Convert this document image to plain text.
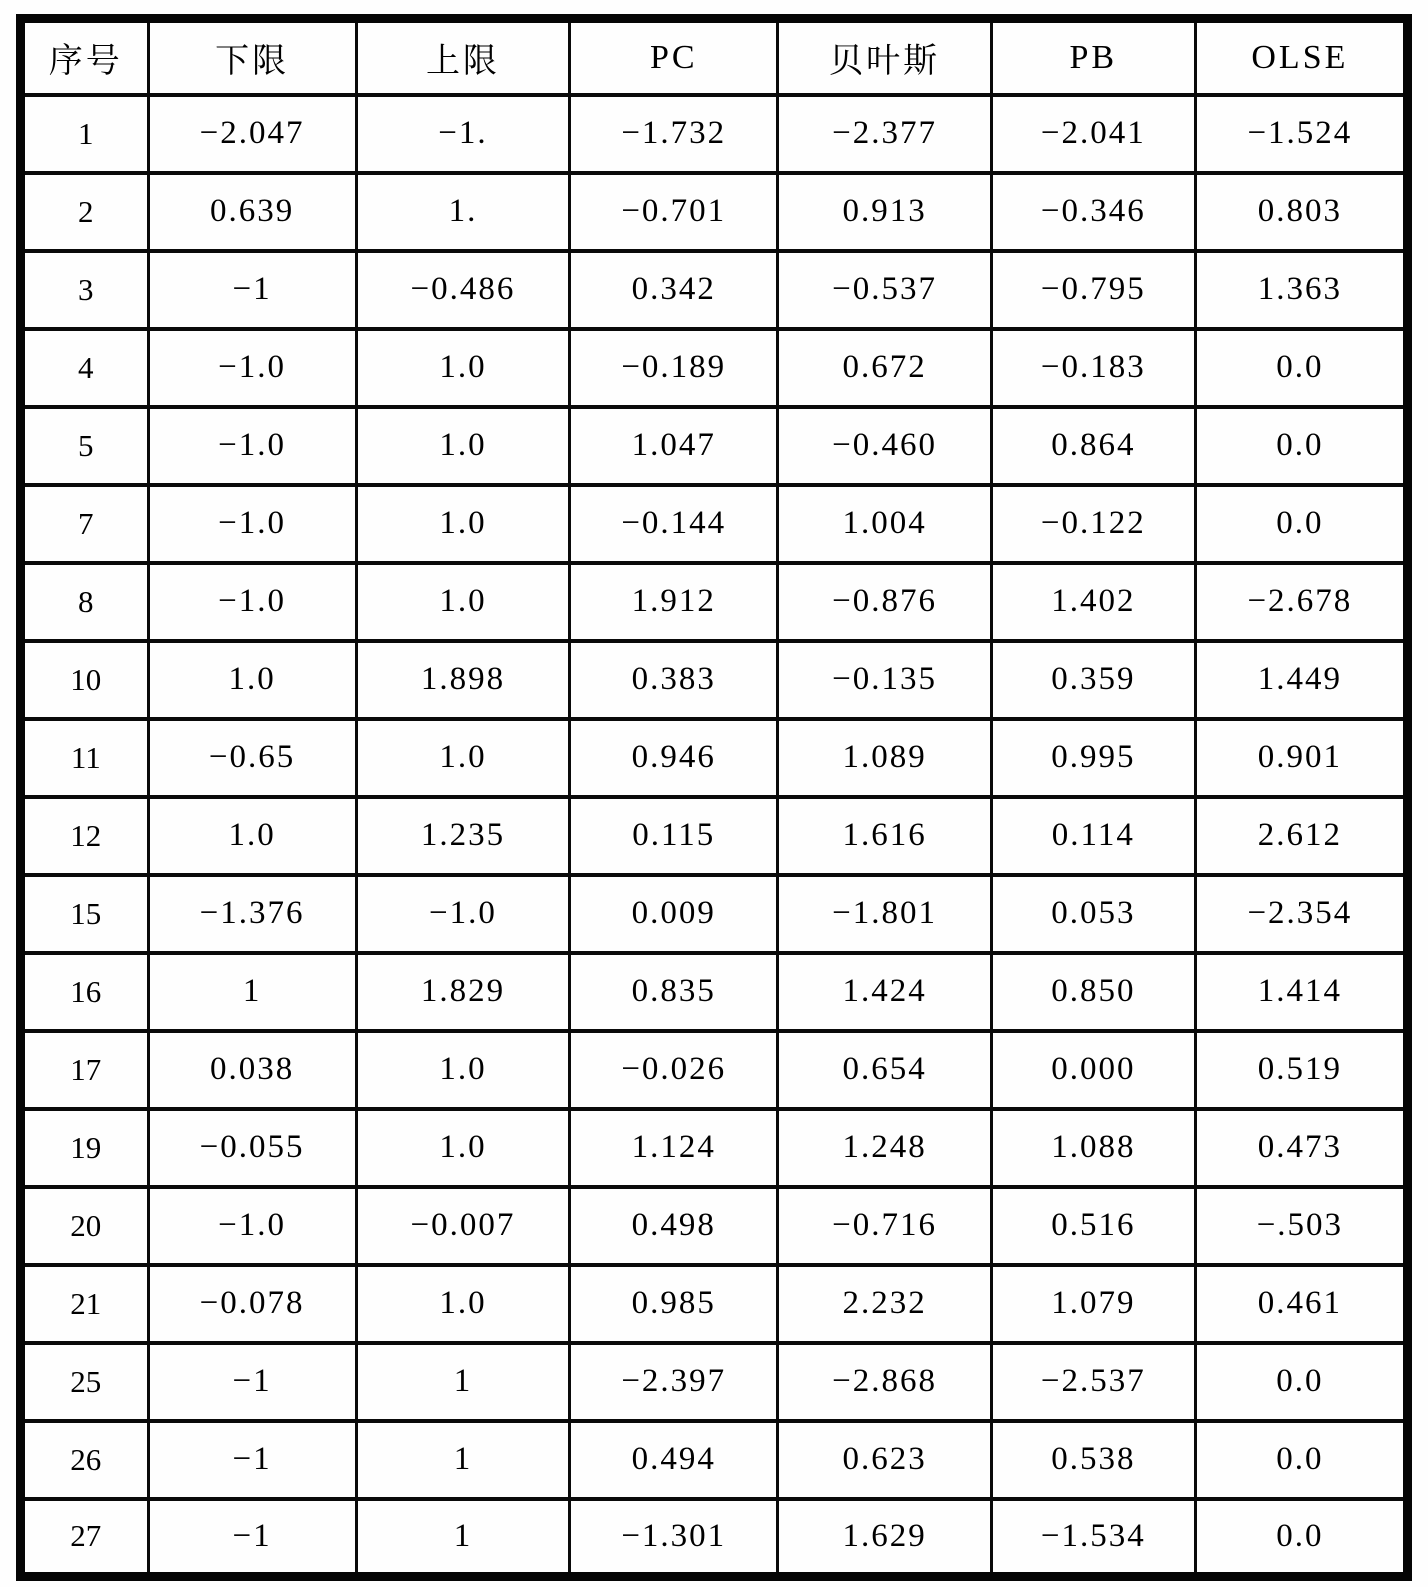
序号	下限	上限	PC	贝叶斯	PB	OLSE
1	−2.047	−1.	−1.732	−2.377	−2.041	−1.524
2	0.639	1.	−0.701	0.913	−0.346	0.803
3	−1	−0.486	0.342	−0.537	−0.795	1.363
4	−1.0	1.0	−0.189	0.672	−0.183	0.0
5	−1.0	1.0	1.047	−0.460	0.864	0.0
7	−1.0	1.0	−0.144	1.004	−0.122	0.0
8	−1.0	1.0	1.912	−0.876	1.402	−2.678
10	1.0	1.898	0.383	−0.135	0.359	1.449
11	−0.65	1.0	0.946	1.089	0.995	0.901
12	1.0	1.235	0.115	1.616	0.114	2.612
15	−1.376	−1.0	0.009	−1.801	0.053	−2.354
16	1	1.829	0.835	1.424	0.850	1.414
17	0.038	1.0	−0.026	0.654	0.000	0.519
19	−0.055	1.0	1.124	1.248	1.088	0.473
20	−1.0	−0.007	0.498	−0.716	0.516	−.503
21	−0.078	1.0	0.985	2.232	1.079	0.461
25	−1	1	−2.397	−2.868	−2.537	0.0
26	−1	1	0.494	0.623	0.538	0.0
27	−1	1	−1.301	1.629	−1.534	0.0
